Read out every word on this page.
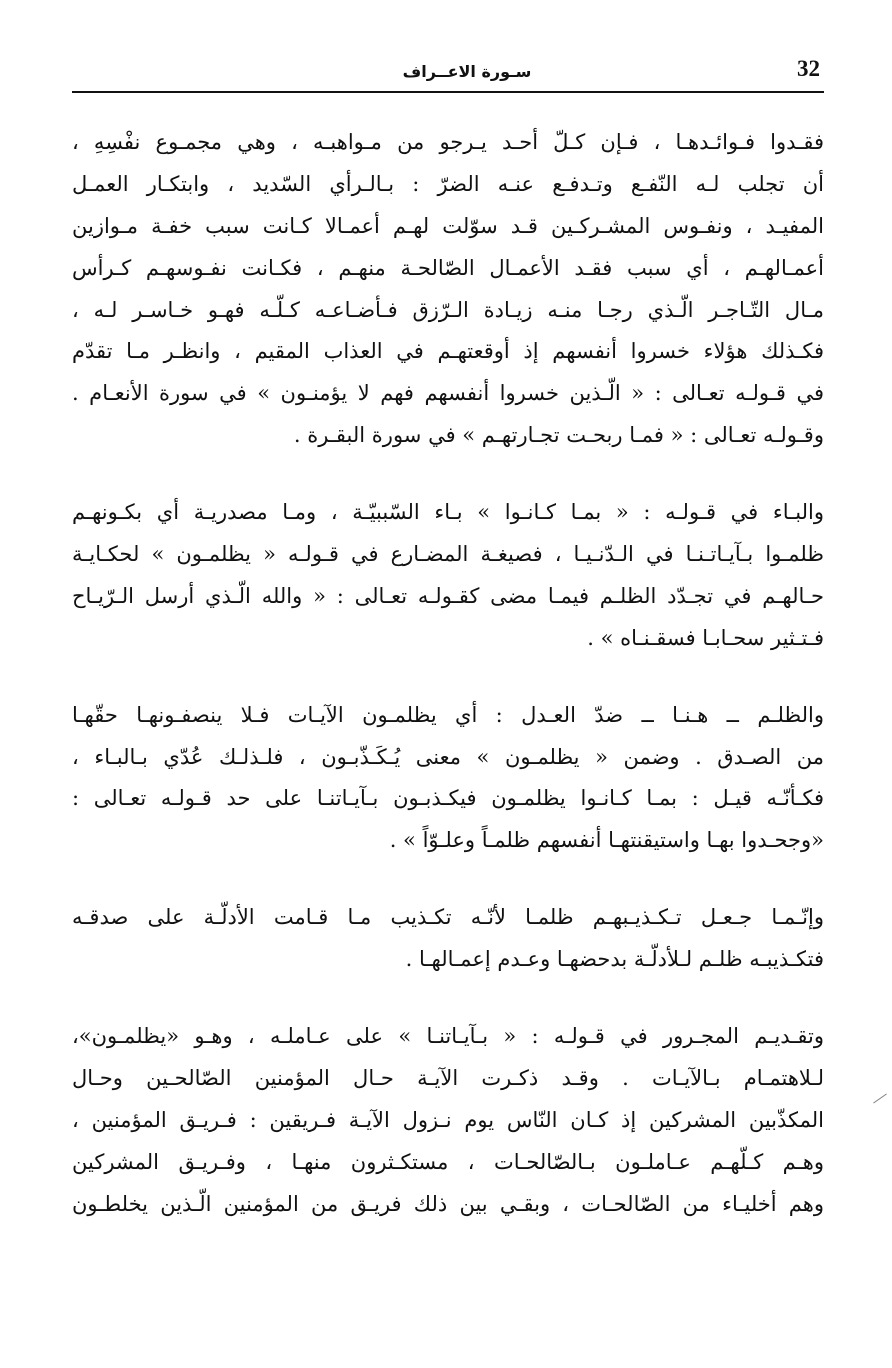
32
سـورة الاعــراف
فقـدوا فـوائـدهـا ، فـإن كـلّ أحـد يـرجو من مـواهبـه ، وهي مجمـوع نفْسِهِ ،
أن تجلب لـه النّفـع وتـدفـع عنـه الضرّ : بـالـرأي السّديد ، وابتكـار العمـل
المفيـد ، ونفـوس المشـركـين قـد سوّلت لهـم أعمـالا كـانت سبب خفـة مـوازين
أعمـالهـم ، أي سبب فقـد الأعمـال الصّالحـة منهـم ، فكـانت نفـوسهـم كـرأس
مـال التّـاجـر الّـذي رجـا منـه زيـادة الـرّزق فـأضـاعـه كـلّـه فهـو خـاسـر لـه ،
فكـذلك هؤلاء خسروا أنفسهم إذ أوقعتهـم في العذاب المقيم ، وانظـر مـا تقدّم
في قـولـه تعـالى : « الّـذين خسروا أنفسهم فهم لا يؤمنـون » في سورة الأنعـام .
وقـولـه تعـالى : « فمـا ربحـت تجـارتهـم » في سورة البقـرة .
والبـاء في قـولـه : « بمـا كـانـوا » بـاء السّببيّـة ، ومـا مصدريـة أي بكـونهـم
ظلمـوا بـآيـاتـنـا في الـدّنـيـا ، فصيغـة المضـارع في قـولـه « يظلمـون » لحكـايـة
حـالهـم في تجـدّد الظلـم فيمـا مضى كقـولـه تعـالى : « والله الّـذي أرسل الـرّيـاح
فـتـثير سحـابـا فسقـنـاه » .
والظلـم ــ هـنـا ــ ضدّ العـدل : أي يظلمـون الآيـات فـلا ينصفـونهـا حقّهـا
من الصـدق . وضمن « يظلمـون » معنى يُـكَـذّبـون ، فلـذلـك عُدّي بـالبـاء ،
فكـأنّـه قيـل : بمـا كـانـوا يظلمـون فيكـذبـون بـآيـاتنـا على حد قـولـه تعـالى :
«وجحـدوا بهـا واستيقنتهـا أنفسهم ظلمـاً وعلـوّاً » .
وإنّـمـا جـعـل تـكـذيـبهـم ظلمـا لأنّـه تكـذيب مـا قـامت الأدلّـة على صدقـه
فتكـذيبـه ظلـم لـلأدلّـة بدحضهـا وعـدم إعمـالهـا .
وتقـديـم المجـرور في قـولـه : « بـآيـاتنـا » على عـاملـه ، وهـو «يظلمـون»،
لـلاهتمـام بـالآيـات . وقـد ذكـرت الآيـة حـال المؤمنين الصّالحـين وحـال
المكذّبين المشركين إذ كـان النّاس يوم نـزول الآيـة فـريقين : فـريـق المؤمنين ،
وهـم كـلّهـم عـاملـون بـالصّالحـات ، مستكـثرون منهـا ، وفـريـق المشركين
وهم أخليـاء من الصّالحـات ، وبقـي بين ذلك فريـق من المؤمنين الّـذين يخلطـون
